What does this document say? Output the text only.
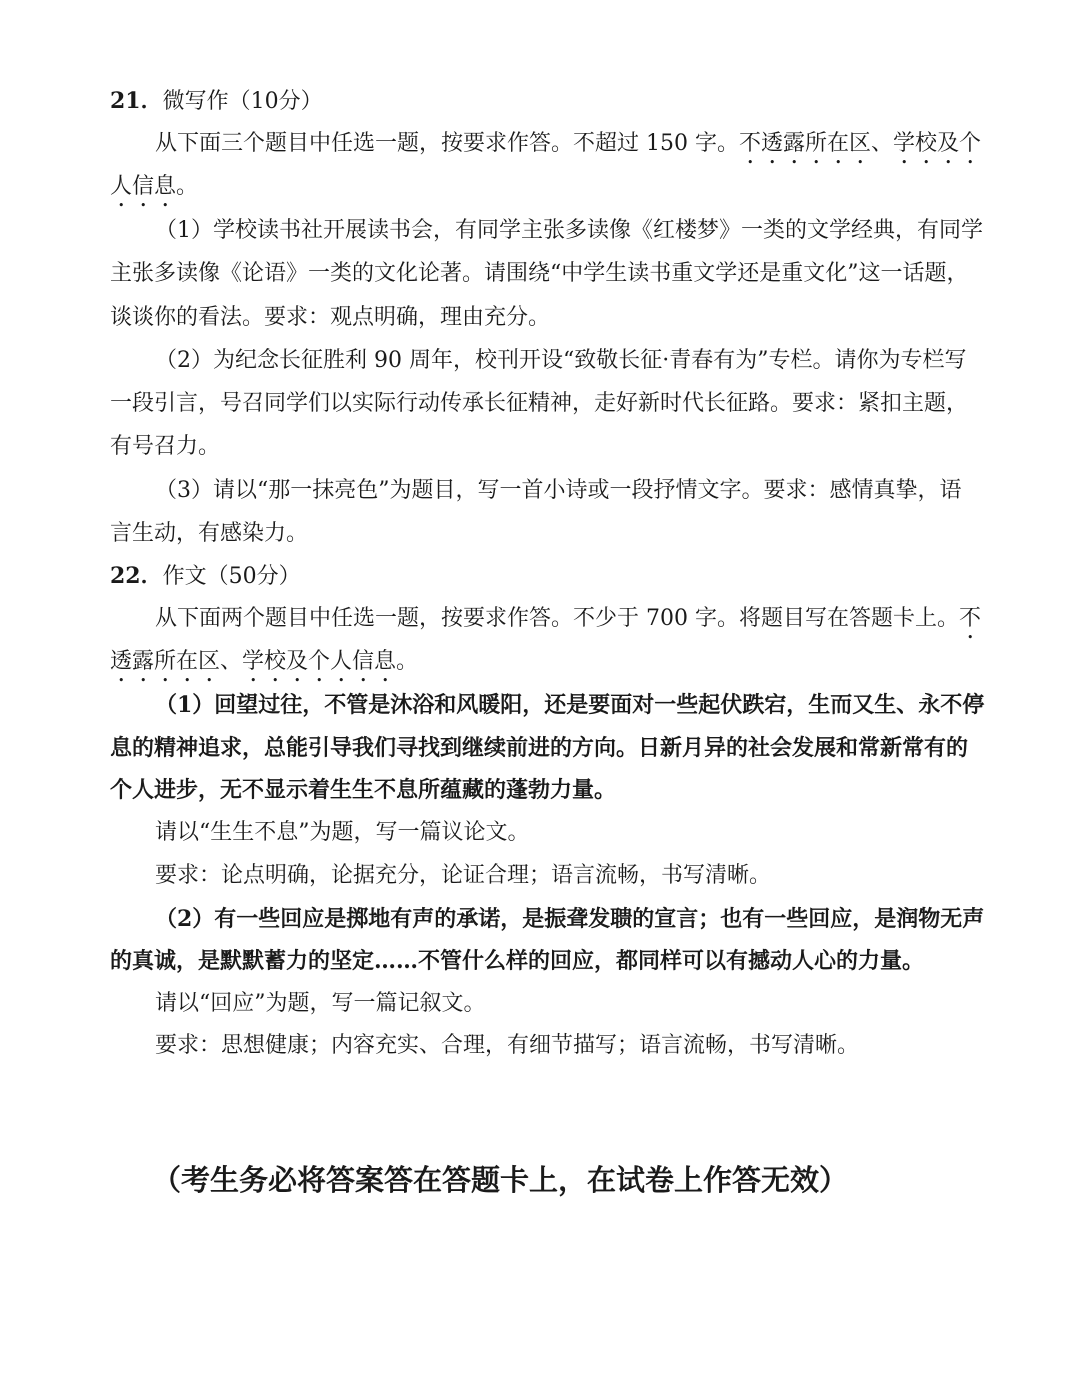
21．微写作（10分）
从下面三个题目中任选一题，按要求作答。不超过 150 字。不透露所在区、学校及个
人信息。
（1）学校读书社开展读书会，有同学主张多读像《红楼梦》一类的文学经典，有同学
主张多读像《论语》一类的文化论著。请围绕“中学生读书重文学还是重文化”这一话题，
谈谈你的看法。要求：观点明确，理由充分。
（2）为纪念长征胜利 90 周年，校刊开设“致敬长征·青春有为”专栏。请你为专栏写
一段引言，号召同学们以实际行动传承长征精神，走好新时代长征路。要求：紧扣主题，
有号召力。
（3）请以“那一抹亮色”为题目，写一首小诗或一段抒情文字。要求：感情真挚，语
言生动，有感染力。
22．作文（50分）
从下面两个题目中任选一题，按要求作答。不少于 700 字。将题目写在答题卡上。不
透露所在区、学校及个人信息。
（1）回望过往，不管是沐浴和风暖阳，还是要面对一些起伏跌宕，生而又生、永不停
息的精神追求，总能引导我们寻找到继续前进的方向。日新月异的社会发展和常新常有的
个人进步，无不显示着生生不息所蕴藏的蓬勃力量。
请以“生生不息”为题，写一篇议论文。
要求：论点明确，论据充分，论证合理；语言流畅，书写清晰。
（2）有一些回应是掷地有声的承诺，是振聋发聩的宣言；也有一些回应，是润物无声
的真诚，是默默蓄力的坚定……不管什么样的回应，都同样可以有撼动人心的力量。
请以“回应”为题，写一篇记叙文。
要求：思想健康；内容充实、合理，有细节描写；语言流畅，书写清晰。
（考生务必将答案答在答题卡上，在试卷上作答无效）
